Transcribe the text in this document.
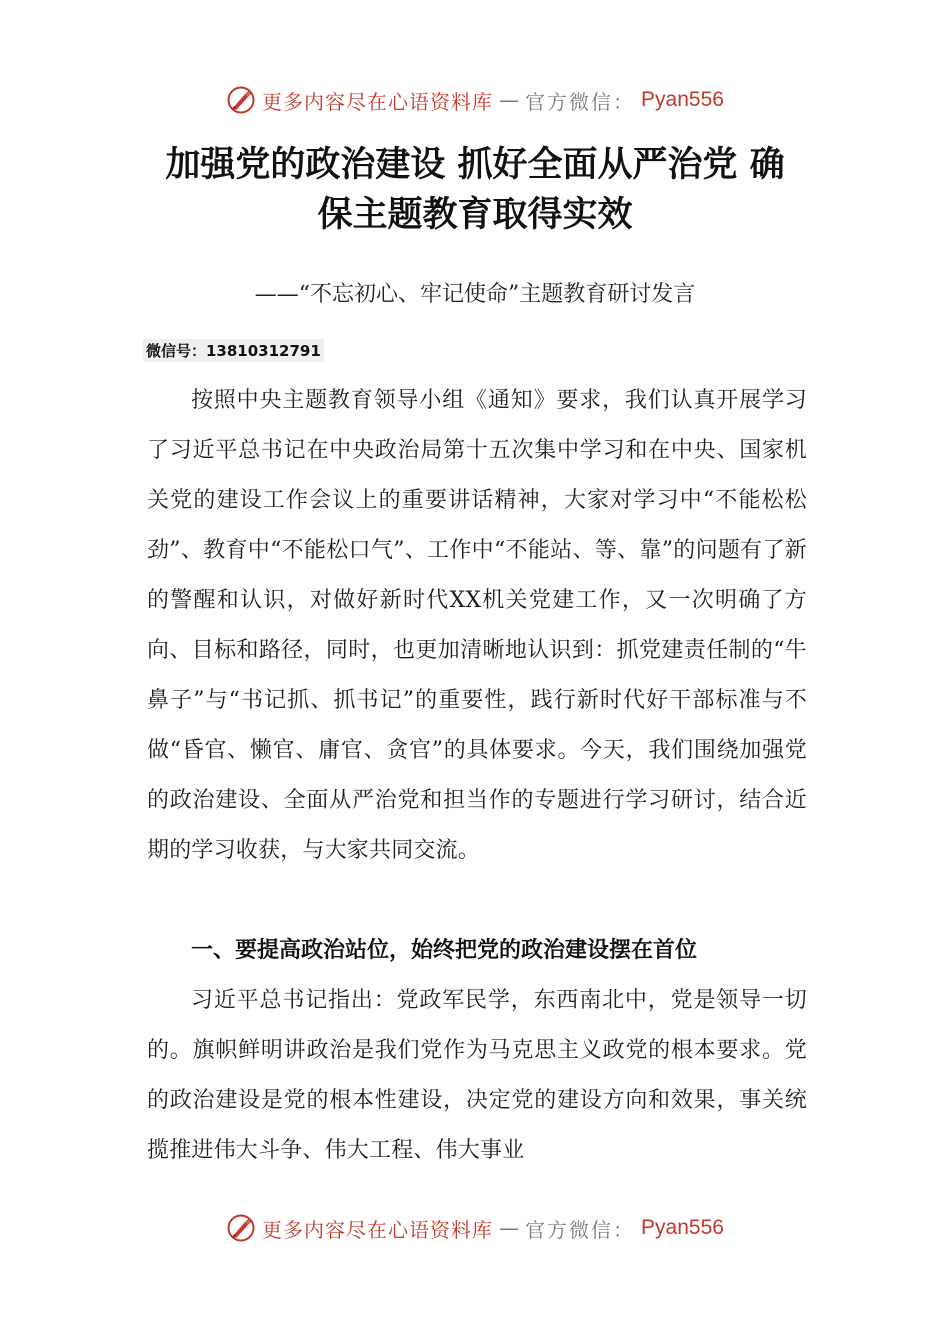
更多内容尽在心语资料库 — 官方微信： Pyan556
加强党的政治建设 抓好全面从严治党 确保主题教育取得实效
——“不忘初心、牢记使命”主题教育研讨发言
微信号：13810312791

按照中央主题教育领导小组《通知》要求，我们认真开展学习了习近平总书记在中央政治局第十五次集中学习和在中央、国家机关党的建设工作会议上的重要讲话精神，大家对学习中“不能松松劲”、教育中“不能松口气”、工作中“不能站、等、靠”的问题有了新的警醒和认识，对做好新时代XX机关党建工作，又一次明确了方向、目标和路径，同时，也更加清晰地认识到：抓党建责任制的“牛鼻子”与“书记抓、抓书记”的重要性，践行新时代好干部标准与不做“昏官、懒官、庸官、贪官”的具体要求。今天，我们围绕加强党的政治建设、全面从严治党和担当作的专题进行学习研讨，结合近期的学习收获，与大家共同交流。

一、要提高政治站位，始终把党的政治建设摆在首位

习近平总书记指出：党政军民学，东西南北中，党是领导一切的。旗帜鲜明讲政治是我们党作为马克思主义政党的根本要求。党的政治建设是党的根本性建设，决定党的建设方向和效果，事关统揽推进伟大斗争、伟大工程、伟大事业

更多内容尽在心语资料库 — 官方微信： Pyan556
